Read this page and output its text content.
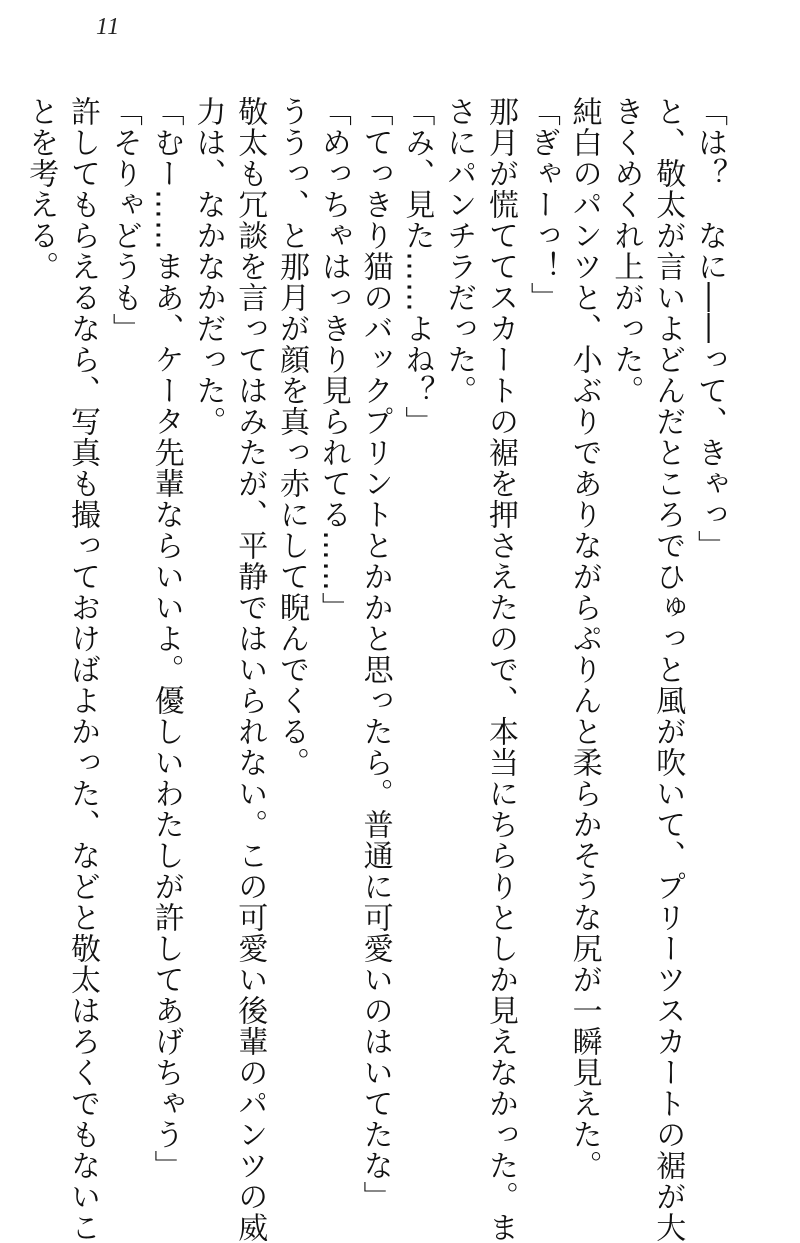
11
「は？　なに――って、きゃっ」
と、敬太が言いよどんだところでひゅっと風が吹いて、プリーツスカートの裾が大
きくめくれ上がった。
純白のパンツと、小ぶりでありながらぷりんと柔らかそうな尻が一瞬見えた。
「ぎゃーっ！」
那月が慌ててスカートの裾を押さえたので、本当にちらりとしか見えなかった。ま
さにパンチラだった。
「み、見た……よね？」
「てっきり猫のバックプリントとかかと思ったら。普通に可愛いのはいてたな」
「めっちゃはっきり見られてる……」
ううっ、と那月が顔を真っ赤にして睨んでくる。
敬太も冗談を言ってはみたが、平静ではいられない。この可愛い後輩のパンツの威
力は、なかなかだった。
「むー……まあ、ケータ先輩ならいいよ。優しいわたしが許してあげちゃう」
「そりゃどうも」
許してもらえるなら、写真も撮っておけばよかった、などと敬太はろくでもないこ
とを考える。
